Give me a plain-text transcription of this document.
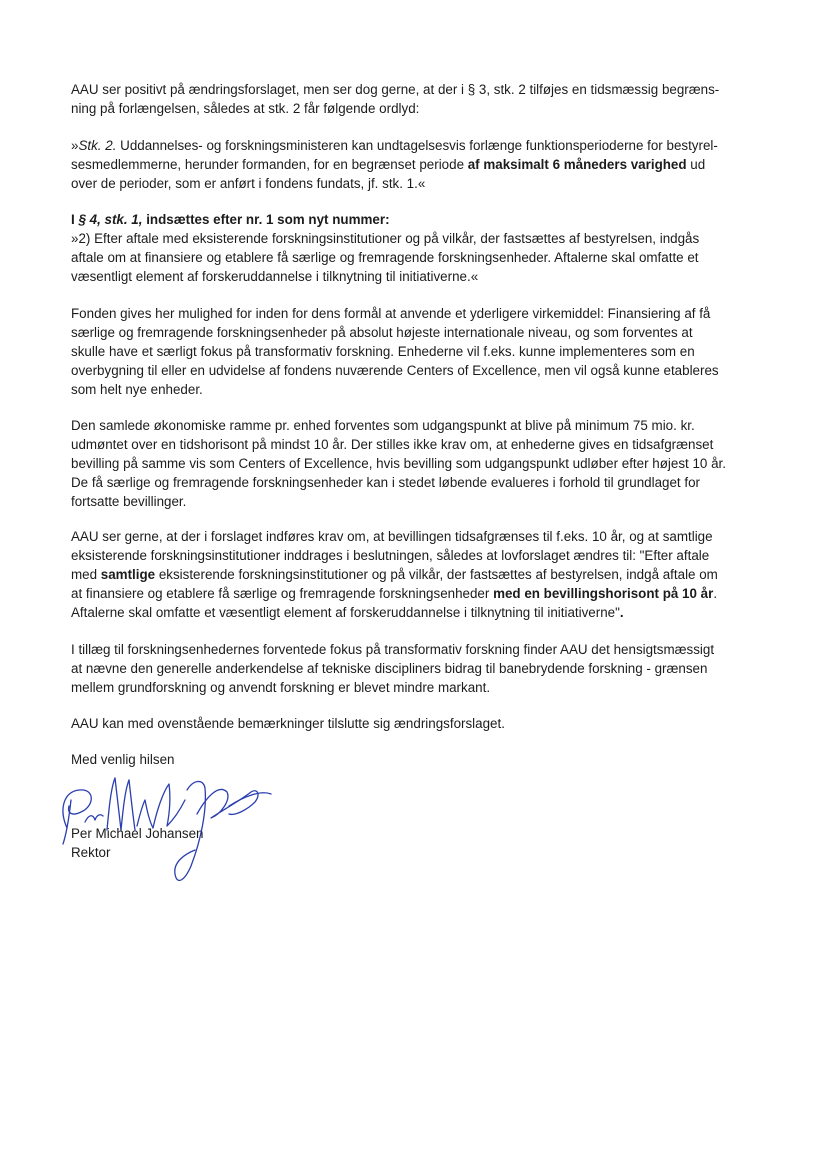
AAU ser positivt på ændringsforslaget, men ser dog gerne, at der i § 3, stk. 2 tilføjes en tidsmæssig begræns-
ning på forlængelsen, således at stk. 2 får følgende ordlyd:

»Stk. 2. Uddannelses- og forskningsministeren kan undtagelsesvis forlænge funktionsperioderne for bestyrel-
sesmedlemmerne, herunder formanden, for en begrænset periode af maksimalt 6 måneders varighed ud
over de perioder, som er anført i fondens fundats, jf. stk. 1.«

I § 4, stk. 1, indsættes efter nr. 1 som nyt nummer:

»2) Efter aftale med eksisterende forskningsinstitutioner og på vilkår, der fastsættes af bestyrelsen, indgås
aftale om at finansiere og etablere få særlige og fremragende forskningsenheder. Aftalerne skal omfatte et
væsentligt element af forskeruddannelse i tilknytning til initiativerne.«

Fonden gives her mulighed for inden for dens formål at anvende et yderligere virkemiddel: Finansiering af få
særlige og fremragende forskningsenheder på absolut højeste internationale niveau, og som forventes at
skulle have et særligt fokus på transformativ forskning. Enhederne vil f.eks. kunne implementeres som en
overbygning til eller en udvidelse af fondens nuværende Centers of Excellence, men vil også kunne etableres
som helt nye enheder.

Den samlede økonomiske ramme pr. enhed forventes som udgangspunkt at blive på minimum 75 mio. kr.
udmøntet over en tidshorisont på mindst 10 år. Der stilles ikke krav om, at enhederne gives en tidsafgrænset
bevilling på samme vis som Centers of Excellence, hvis bevilling som udgangspunkt udløber efter højest 10 år.
De få særlige og fremragende forskningsenheder kan i stedet løbende evalueres i forhold til grundlaget for
fortsatte bevillinger.

AAU ser gerne, at der i forslaget indføres krav om, at bevillingen tidsafgrænses til f.eks. 10 år, og at samtlige
eksisterende forskningsinstitutioner inddrages i beslutningen, således at lovforslaget ændres til: "Efter aftale
med samtlige eksisterende forskningsinstitutioner og på vilkår, der fastsættes af bestyrelsen, indgå aftale om
at finansiere og etablere få særlige og fremragende forskningsenheder med en bevillingshorisont på 10 år.
Aftalerne skal omfatte et væsentligt element af forskeruddannelse i tilknytning til initiativerne".

I tillæg til forskningsenhedernes forventede fokus på transformativ forskning finder AAU det hensigtsmæssigt
at nævne den generelle anderkendelse af tekniske discipliners bidrag til banebrydende forskning - grænsen
mellem grundforskning og anvendt forskning er blevet mindre markant.

AAU kan med ovenstående bemærkninger tilslutte sig ændringsforslaget.

Med venlig hilsen

Per Michael Johansen

Rektor
